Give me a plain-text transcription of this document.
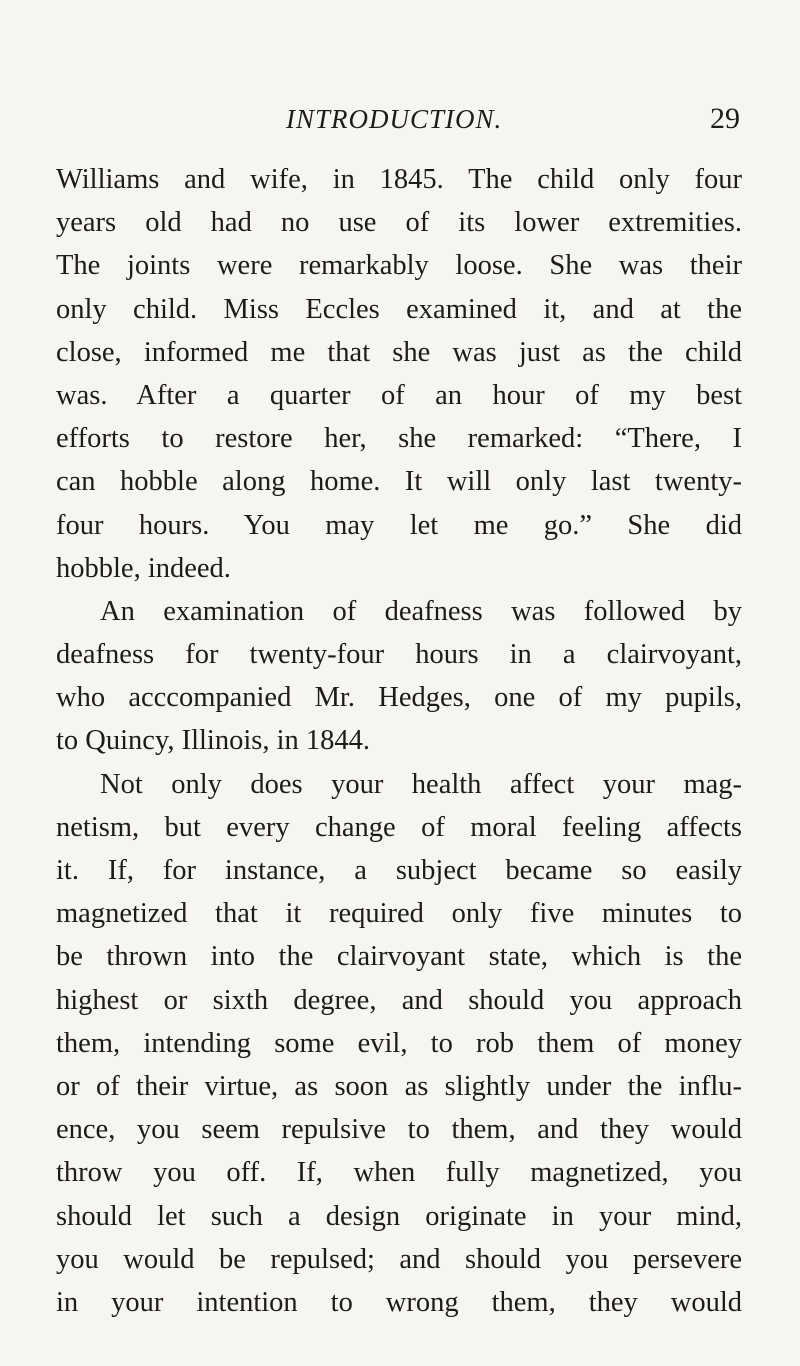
INTRODUCTION.	29
Williams and wife, in 1845. The child only four
years old had no use of its lower extremities.
The joints were remarkably loose. She was their
only child. Miss Eccles examined it, and at the
close, informed me that she was just as the child
was. After a quarter of an hour of my best
efforts to restore her, she remarked: “There, I
can hobble along home. It will only last twenty-
four hours. You may let me go.” She did
hobble, indeed.
An examination of deafness was followed by
deafness for twenty-four hours in a clairvoyant,
who acccompanied Mr. Hedges, one of my pupils,
to Quincy, Illinois, in 1844.
Not only does your health affect your mag-
netism, but every change of moral feeling affects
it. If, for instance, a subject became so easily
magnetized that it required only five minutes to
be thrown into the clairvoyant state, which is the
highest or sixth degree, and should you approach
them, intending some evil, to rob them of money
or of their virtue, as soon as slightly under the influ-
ence, you seem repulsive to them, and they would
throw you off. If, when fully magnetized, you
should let such a design originate in your mind,
you would be repulsed; and should you persevere
in your intention to wrong them, they would
